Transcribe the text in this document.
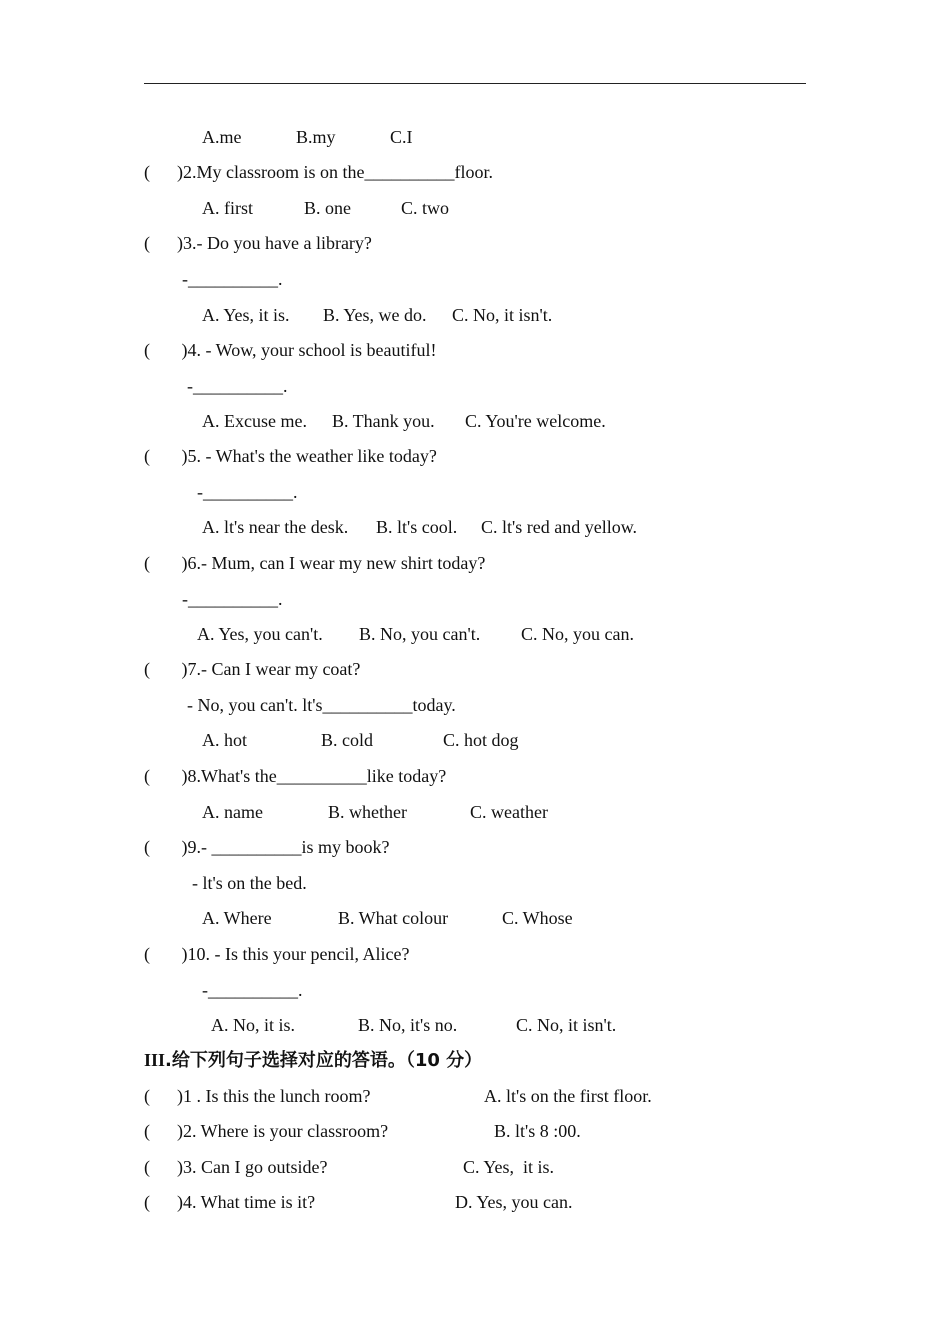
A.me	B.my	C.I
(      )2.My classroom is on the__________floor.
A. first	B. one	C. two
(      )3.- Do you have a library?
-__________.
A. Yes, it is. B. Yes, we do. C. No, it isn't.
(       )4. - Wow, your school is beautiful!
-__________.
A. Excuse me. B. Thank you. C. You're welcome.
(       )5. - What's the weather like today?
-__________.
A. lt's near the desk. B. lt's cool. C. lt's red and yellow.
(       )6.- Mum, can I wear my new shirt today?
-__________.
A. Yes, you can't. B. No, you can't. C. No, you can.
(       )7.- Can I wear my coat?
- No, you can't. lt's__________today.
A. hot	B. cold	C. hot dog
(       )8.What's the__________like today?
A. name	B. whether	C. weather
(       )9.- __________is my book?
- lt's on the bed.
A. Where	B. What colour	C. Whose
(       )10. - Is this your pencil, Alice?
-__________.
A. No, it is.	B. No, it's no.	C. No, it isn't.
III.给下列句子选择对应的答语。（10 分）
(      )1 . Is this the lunch room?	A. lt's on the first floor.
(      )2. Where is your classroom?	B. lt's 8 :00.
(      )3. Can I go outside?	C. Yes,  it is.
(      )4. What time is it?	D. Yes, you can.
